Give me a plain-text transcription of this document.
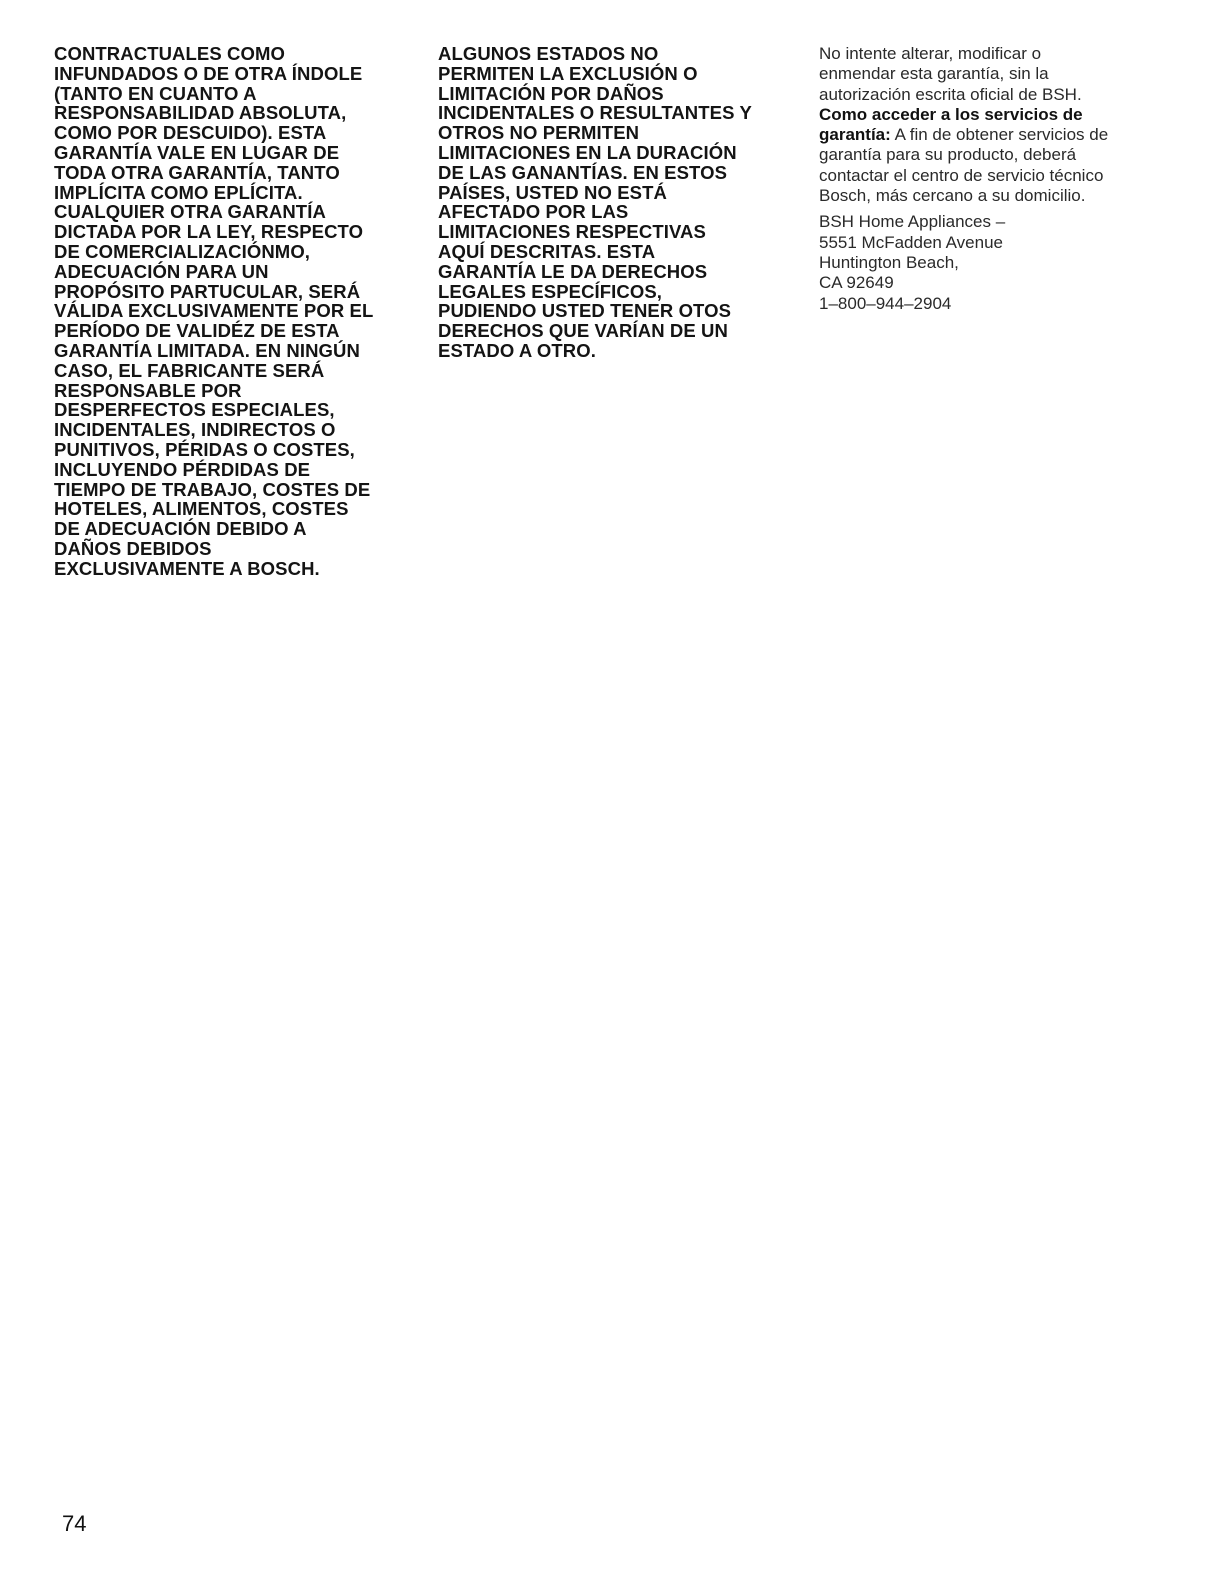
CONTRACTUALES COMO
INFUNDADOS O DE OTRA ÍNDOLE
(TANTO EN CUANTO A
RESPONSABILIDAD ABSOLUTA,
COMO POR DESCUIDO). ESTA
GARANTÍA VALE EN LUGAR DE
TODA OTRA GARANTÍA, TANTO
IMPLÍCITA COMO EPLÍCITA.
CUALQUIER OTRA GARANTÍA
DICTADA POR LA LEY, RESPECTO
DE COMERCIALIZACIÓNMO,
ADECUACIÓN PARA UN
PROPÓSITO PARTUCULAR, SERÁ
VÁLIDA EXCLUSIVAMENTE POR EL
PERÍODO DE VALIDÉZ DE ESTA
GARANTÍA LIMITADA. EN NINGÚN
CASO, EL FABRICANTE SERÁ
RESPONSABLE POR
DESPERFECTOS ESPECIALES,
INCIDENTALES, INDIRECTOS O
PUNITIVOS, PÉRIDAS O COSTES,
INCLUYENDO PÉRDIDAS DE
TIEMPO DE TRABAJO, COSTES DE
HOTELES, ALIMENTOS, COSTES
DE ADECUACIÓN DEBIDO A
DAÑOS DEBIDOS
EXCLUSIVAMENTE A BOSCH.
ALGUNOS ESTADOS NO
PERMITEN LA EXCLUSIÓN O
LIMITACIÓN POR DAÑOS
INCIDENTALES O RESULTANTES Y
OTROS NO PERMITEN
LIMITACIONES EN LA DURACIÓN
DE LAS GANANTÍAS. EN ESTOS
PAÍSES, USTED NO ESTÁ
AFECTADO POR LAS
LIMITACIONES RESPECTIVAS
AQUÍ DESCRITAS. ESTA
GARANTÍA LE DA DERECHOS
LEGALES ESPECÍFICOS,
PUDIENDO USTED TENER OTOS
DERECHOS QUE VARÍAN DE UN
ESTADO A OTRO.
No intente alterar, modificar o
enmendar esta garantía, sin la
autorización escrita oficial de BSH.
Como acceder a los servicios de
garantía: A fin de obtener servicios de
garantía para su producto, deberá
contactar el centro de servicio técnico
Bosch, más cercano a su domicilio.
BSH Home Appliances –
5551 McFadden Avenue
Huntington Beach,
CA 92649
1–800–944–2904
74
